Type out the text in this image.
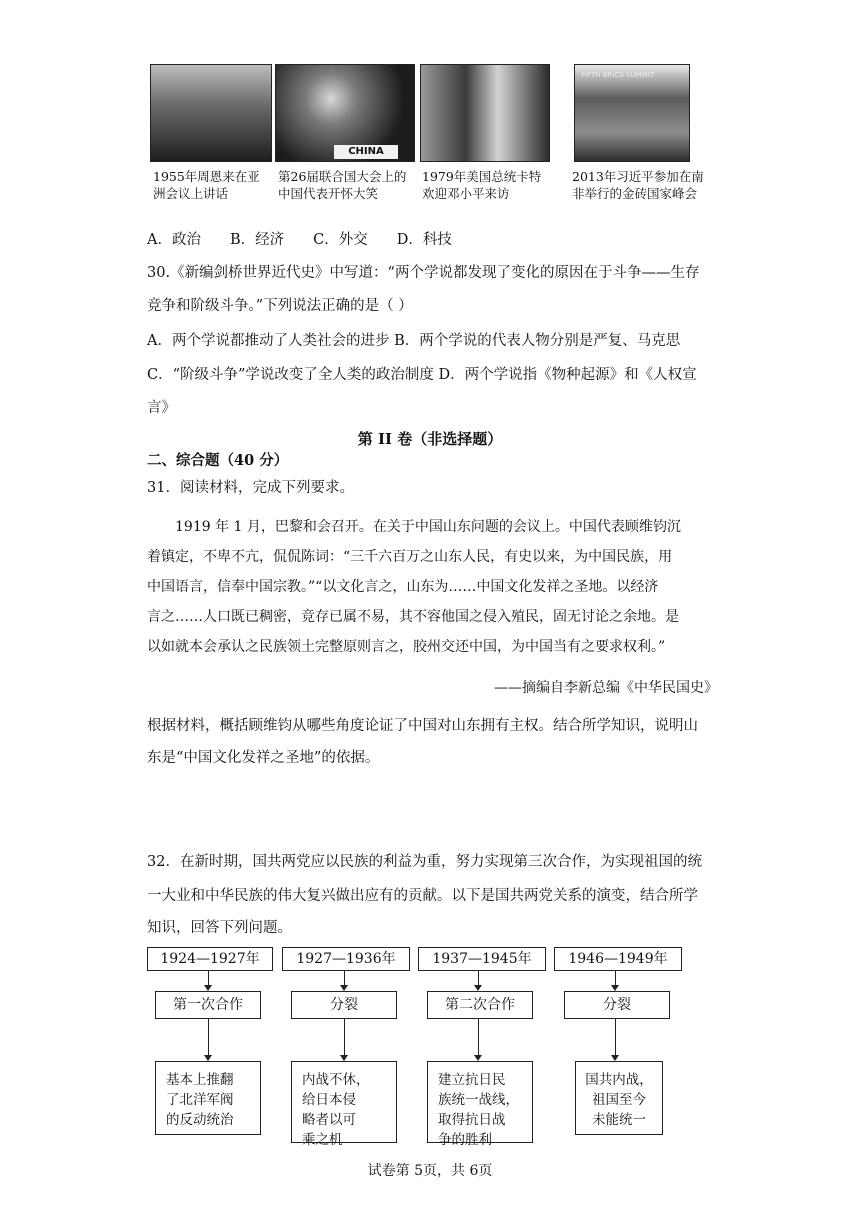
CHINA
FIFTH BRICS SUMMIT
1955年周恩来在亚洲会议上讲话
第26届联合国大会上的中国代表开怀大笑
1979年美国总统卡特欢迎邓小平来访
2013年习近平参加在南非举行的金砖国家峰会
A．政治　　B．经济　　C．外交　　D．科技
30.《新编剑桥世界近代史》中写道：“两个学说都发现了变化的原因在于斗争——生存
竞争和阶级斗争。”下列说法正确的是（ ）
A．两个学说都推动了人类社会的进步 B．两个学说的代表人物分别是严复、马克思
C．“阶级斗争”学说改变了全人类的政治制度 D．两个学说指《物种起源》和《人权宣
言》
第 II 卷（非选择题）
二、综合题（40 分）
31．阅读材料，完成下列要求。
1919 年 1 月，巴黎和会召开。在关于中国山东问题的会议上。中国代表顾维钧沉
着镇定，不卑不亢，侃侃陈词：“三千六百万之山东人民，有史以来，为中国民族，用
中国语言，信奉中国宗教。”“以文化言之，山东为……中国文化发祥之圣地。以经济
言之……人口既已稠密，竞存已属不易，其不容他国之侵入殖民，固无讨论之余地。是
以如就本会承认之民族领土完整原则言之，胶州交还中国，为中国当有之要求权利。”
——摘编自李新总编《中华民国史》
根据材料，概括顾维钧从哪些角度论证了中国对山东拥有主权。结合所学知识，说明山
东是“中国文化发祥之圣地”的依据。
32．在新时期，国共两党应以民族的利益为重，努力实现第三次合作，为实现祖国的统
一大业和中华民族的伟大复兴做出应有的贡献。以下是国共两党关系的演变，结合所学
知识，回答下列问题。
1924—1927年
第一次合作
基本上推翻
了北洋军阀
的反动统治
1927—1936年
分裂
内战不休，
给日本侵
略者以可
乘之机
1937—1945年
第二次合作
建立抗日民
族统一战线，
取得抗日战
争的胜利
1946—1949年
分裂
国共内战，
祖国至今
未能统一
试卷第 5页，共 6页
